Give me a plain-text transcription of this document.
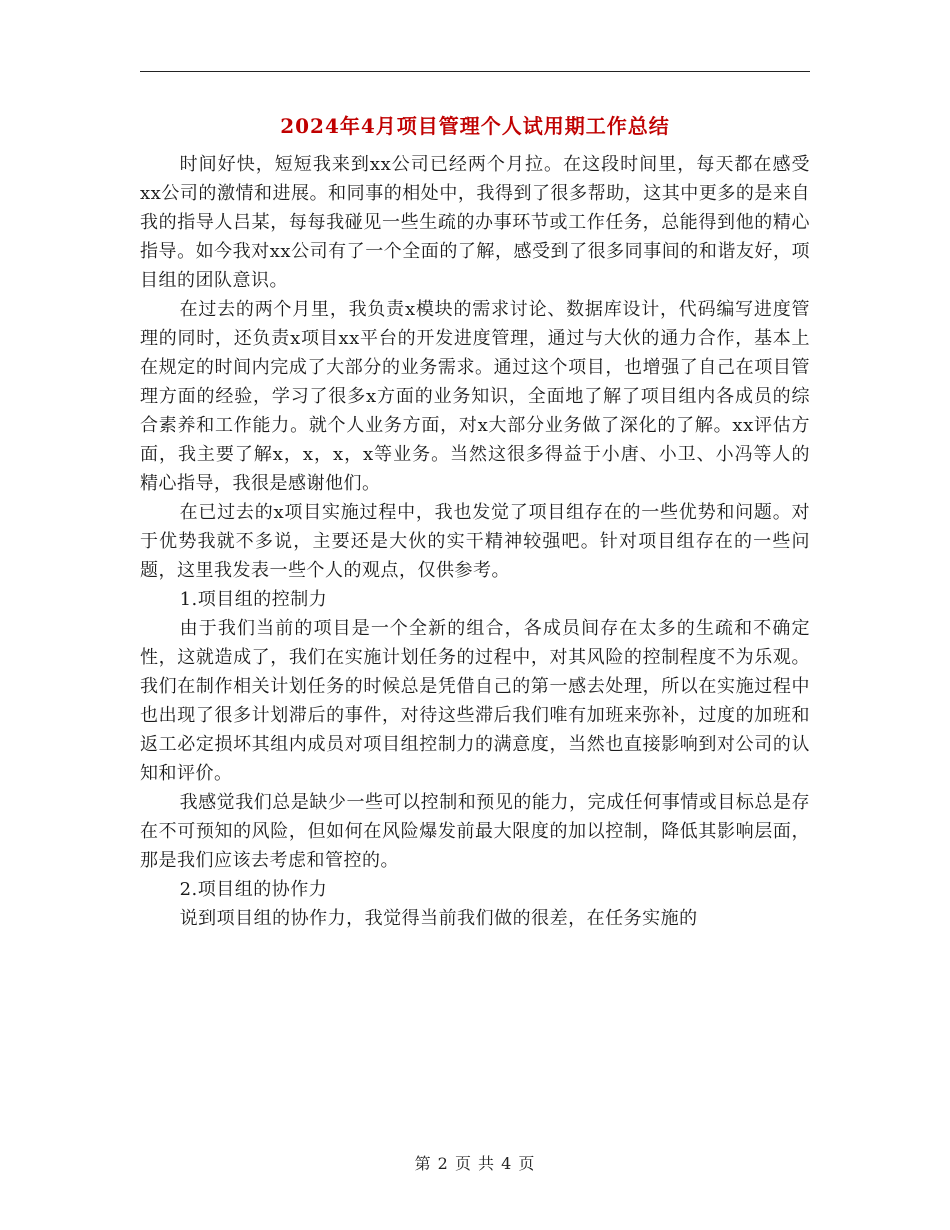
2024年4月项目管理个人试用期工作总结

时间好快，短短我来到xx公司已经两个月拉。在这段时间里，每天都在感受xx公司的激情和进展。和同事的相处中，我得到了很多帮助，这其中更多的是来自我的指导人吕某，每每我碰见一些生疏的办事环节或工作任务，总能得到他的精心指导。如今我对xx公司有了一个全面的了解，感受到了很多同事间的和谐友好，项目组的团队意识。

在过去的两个月里，我负责x模块的需求讨论、数据库设计，代码编写进度管理的同时，还负责x项目xx平台的开发进度管理，通过与大伙的通力合作，基本上在规定的时间内完成了大部分的业务需求。通过这个项目，也增强了自己在项目管理方面的经验，学习了很多x方面的业务知识，全面地了解了项目组内各成员的综合素养和工作能力。就个人业务方面，对x大部分业务做了深化的了解。xx评估方面，我主要了解x，x，x，x等业务。当然这很多得益于小唐、小卫、小冯等人的精心指导，我很是感谢他们。

在已过去的x项目实施过程中，我也发觉了项目组存在的一些优势和问题。对于优势我就不多说，主要还是大伙的实干精神较强吧。针对项目组存在的一些问题，这里我发表一些个人的观点，仅供参考。

1.项目组的控制力

由于我们当前的项目是一个全新的组合，各成员间存在太多的生疏和不确定性，这就造成了，我们在实施计划任务的过程中，对其风险的控制程度不为乐观。我们在制作相关计划任务的时候总是凭借自己的第一感去处理，所以在实施过程中也出现了很多计划滞后的事件，对待这些滞后我们唯有加班来弥补，过度的加班和返工必定损坏其组内成员对项目组控制力的满意度，当然也直接影响到对公司的认知和评价。

我感觉我们总是缺少一些可以控制和预见的能力，完成任何事情或目标总是存在不可预知的风险，但如何在风险爆发前最大限度的加以控制，降低其影响层面，那是我们应该去考虑和管控的。

2.项目组的协作力

说到项目组的协作力，我觉得当前我们做的很差，在任务实施的

第 2 页 共 4 页
